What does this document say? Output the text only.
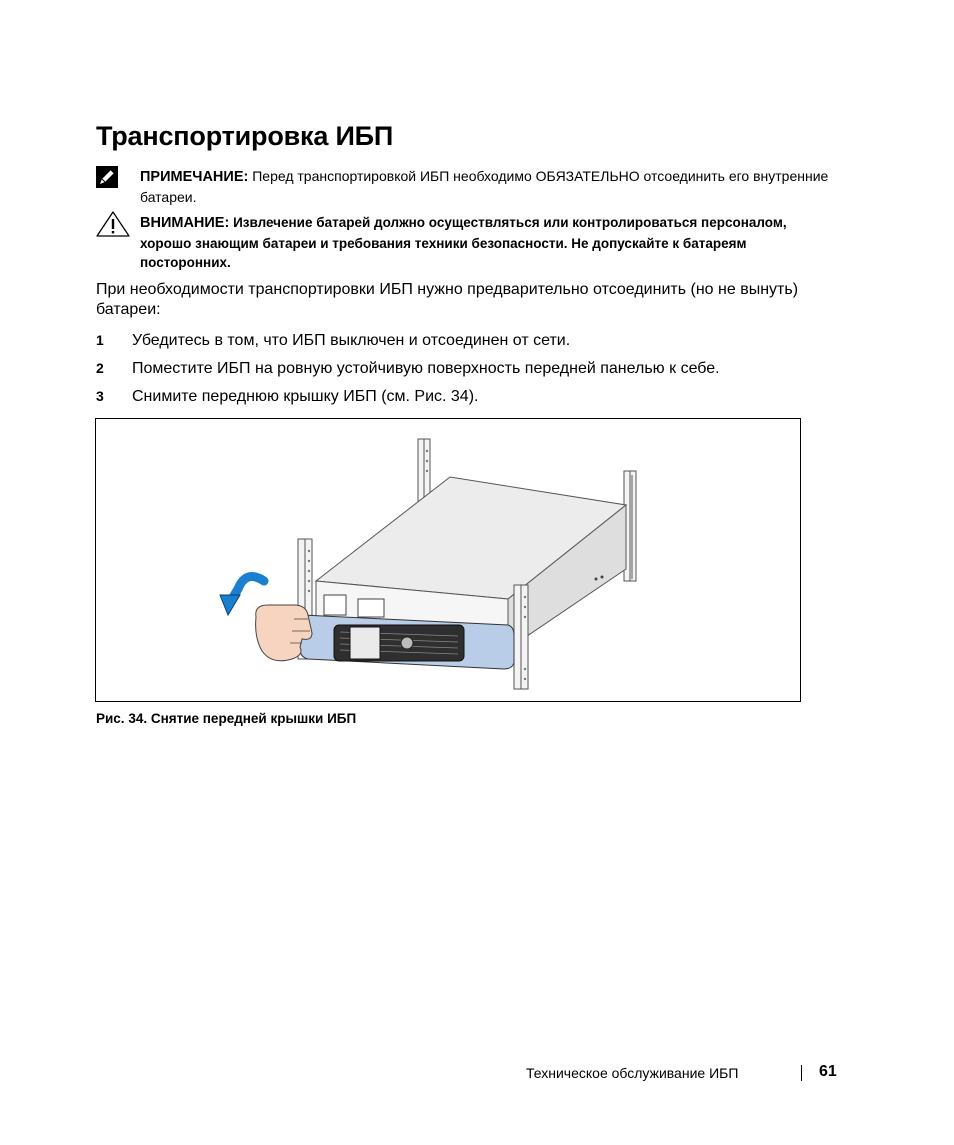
Транспортировка ИБП
ПРИМЕЧАНИЕ: Перед транспортировкой ИБП необходимо ОБЯЗАТЕЛЬНО отсоединить его внутренние батареи.
ВНИМАНИЕ: Извлечение батарей должно осуществляться или контролироваться персоналом, хорошо знающим батареи и требования техники безопасности. Не допускайте к батареям посторонних.
При необходимости транспортировки ИБП нужно предварительно отсоединить (но не вынуть) батареи:
1 Убедитесь в том, что ИБП выключен и отсоединен от сети.
2 Поместите ИБП на ровную устойчивую поверхность передней панелью к себе.
3 Снимите переднюю крышку ИБП (см. Рис. 34).
Рис. 34. Снятие передней крышки ИБП
Техническое обслуживание ИБП	61
